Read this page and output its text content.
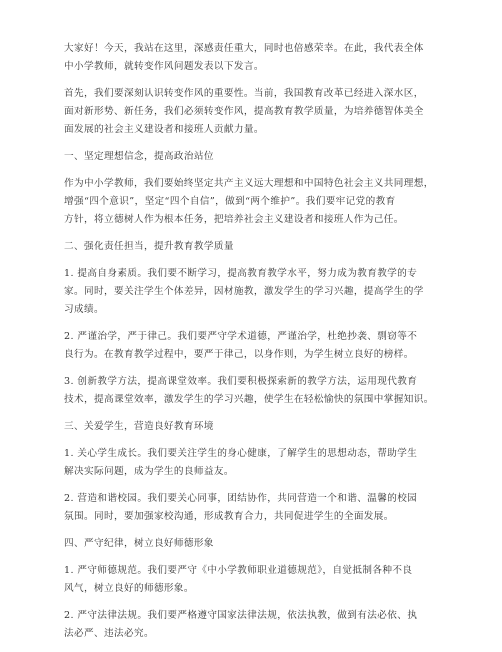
大家好！今天，我站在这里，深感责任重大，同时也倍感荣幸。在此，我代表全体
中小学教师，就转变作风问题发表以下发言。
首先，我们要深刻认识转变作风的重要性。当前，我国教育改革已经进入深水区，
面对新形势、新任务，我们必须转变作风，提高教育教学质量，为培养德智体美全
面发展的社会主义建设者和接班人贡献力量。
一、坚定理想信念，提高政治站位
作为中小学教师，我们要始终坚定共产主义远大理想和中国特色社会主义共同理想，
增强“四个意识”，坚定“四个自信”，做到“两个维护”。我们要牢记党的教育
方针，将立德树人作为根本任务，把培养社会主义建设者和接班人作为己任。
二、强化责任担当，提升教育教学质量
1. 提高自身素质。我们要不断学习，提高教育教学水平，努力成为教育教学的专
家。同时，要关注学生个体差异，因材施教，激发学生的学习兴趣，提高学生的学
习成绩。
2. 严谨治学，严于律己。我们要严守学术道德，严谨治学，杜绝抄袭、剽窃等不
良行为。在教育教学过程中，要严于律己，以身作则，为学生树立良好的榜样。
3. 创新教学方法，提高课堂效率。我们要积极探索新的教学方法，运用现代教育
技术，提高课堂效率，激发学生的学习兴趣，使学生在轻松愉快的氛围中掌握知识。
三、关爱学生，营造良好教育环境
1. 关心学生成长。我们要关注学生的身心健康，了解学生的思想动态，帮助学生
解决实际问题，成为学生的良师益友。
2. 营造和谐校园。我们要关心同事，团结协作，共同营造一个和谐、温馨的校园
氛围。同时，要加强家校沟通，形成教育合力，共同促进学生的全面发展。
四、严守纪律，树立良好师德形象
1. 严守师德规范。我们要严守《中小学教师职业道德规范》，自觉抵制各种不良
风气，树立良好的师德形象。
2. 严守法律法规。我们要严格遵守国家法律法规，依法执教，做到有法必依、执
法必严、违法必究。
